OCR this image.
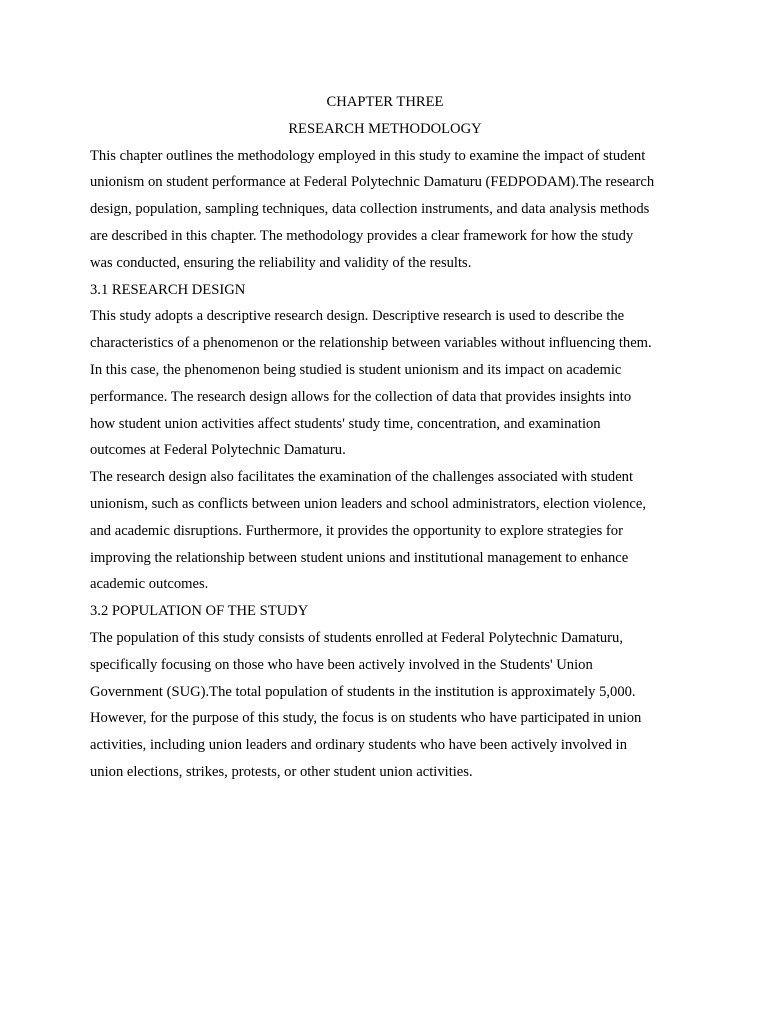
CHAPTER THREE
RESEARCH METHODOLOGY
This chapter outlines the methodology employed in this study to examine the impact of student
unionism on student performance at Federal Polytechnic Damaturu (FEDPODAM).The research
design, population, sampling techniques, data collection instruments, and data analysis methods
are described in this chapter. The methodology provides a clear framework for how the study
was conducted, ensuring the reliability and validity of the results.
3.1 RESEARCH DESIGN
This study adopts a descriptive research design. Descriptive research is used to describe the
characteristics of a phenomenon or the relationship between variables without influencing them.
In this case, the phenomenon being studied is student unionism and its impact on academic
performance. The research design allows for the collection of data that provides insights into
how student union activities affect students' study time, concentration, and examination
outcomes at Federal Polytechnic Damaturu.
The research design also facilitates the examination of the challenges associated with student
unionism, such as conflicts between union leaders and school administrators, election violence,
and academic disruptions. Furthermore, it provides the opportunity to explore strategies for
improving the relationship between student unions and institutional management to enhance
academic outcomes.
3.2 POPULATION OF THE STUDY
The population of this study consists of students enrolled at Federal Polytechnic Damaturu,
specifically focusing on those who have been actively involved in the Students' Union
Government (SUG).The total population of students in the institution is approximately 5,000.
However, for the purpose of this study, the focus is on students who have participated in union
activities, including union leaders and ordinary students who have been actively involved in
union elections, strikes, protests, or other student union activities.
